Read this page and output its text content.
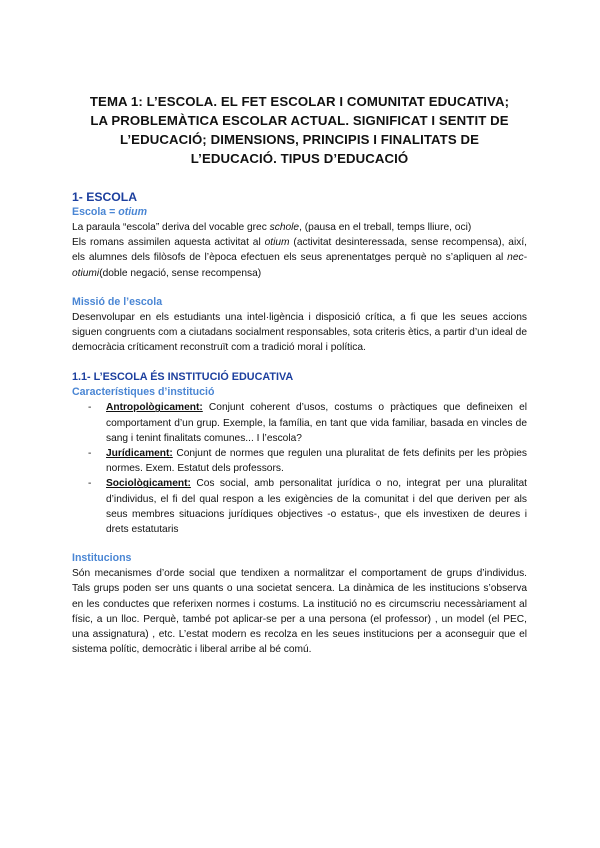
TEMA 1: L’ESCOLA. EL FET ESCOLAR I COMUNITAT EDUCATIVA;
LA PROBLEMÀTICA ESCOLAR ACTUAL. SIGNIFICAT I SENTIT DE
L’EDUCACIÓ; DIMENSIONS, PRINCIPIS I FINALITATS DE
L’EDUCACIÓ. TIPUS D’EDUCACIÓ

1- ESCOLA

Escola = otium

La paraula “escola” deriva del vocable grec schole, (pausa en el treball, temps lliure, oci)

Els romans assimilen aquesta activitat al otium (activitat desinteressada, sense recompensa), així, els alumnes dels filòsofs de l’època efectuen els seus aprenentatges perquè no s’apliquen al nec-otiumi(doble negació, sense recompensa)

Missió de l’escola

Desenvolupar en els estudiants una intel·ligència i disposició crítica, a fi que les seues accions siguen congruents com a ciutadans socialment responsables, sota criteris ètics, a partir d’un ideal de democràcia críticament reconstruït com a tradició moral i política.

1.1- L’ESCOLA ÉS INSTITUCIÓ EDUCATIVA

Característiques d’institució

- Antropològicament: Conjunt coherent d’usos, costums o pràctiques que defineixen el comportament d’un grup. Exemple, la família, en tant que vida familiar, basada en vincles de sang i tenint finalitats comunes... I l’escola?
- Jurídicament: Conjunt de normes que regulen una pluralitat de fets definits per les pròpies normes. Exem. Estatut dels professors.
- Sociològicament: Cos social, amb personalitat jurídica o no, integrat per una pluralitat d’individus, el fi del qual respon a les exigències de la comunitat i del que deriven per als seus membres situacions jurídiques objectives -o estatus-, que els investixen de deures i drets estatutaris

Institucions

Són mecanismes d’orde social que tendixen a normalitzar el comportament de grups d’individus. Tals grups poden ser uns quants o una societat sencera. La dinàmica de les institucions s’observa en les conductes que referixen normes i costums. La institució no es circumscriu necessàriament al físic, a un lloc. Perquè, també pot aplicar-se per a una persona (el professor) , un model (el PEC, una assignatura) , etc. L’estat modern es recolza en les seues institucions per a aconseguir que el sistema polític, democràtic i liberal arribe al bé comú.
